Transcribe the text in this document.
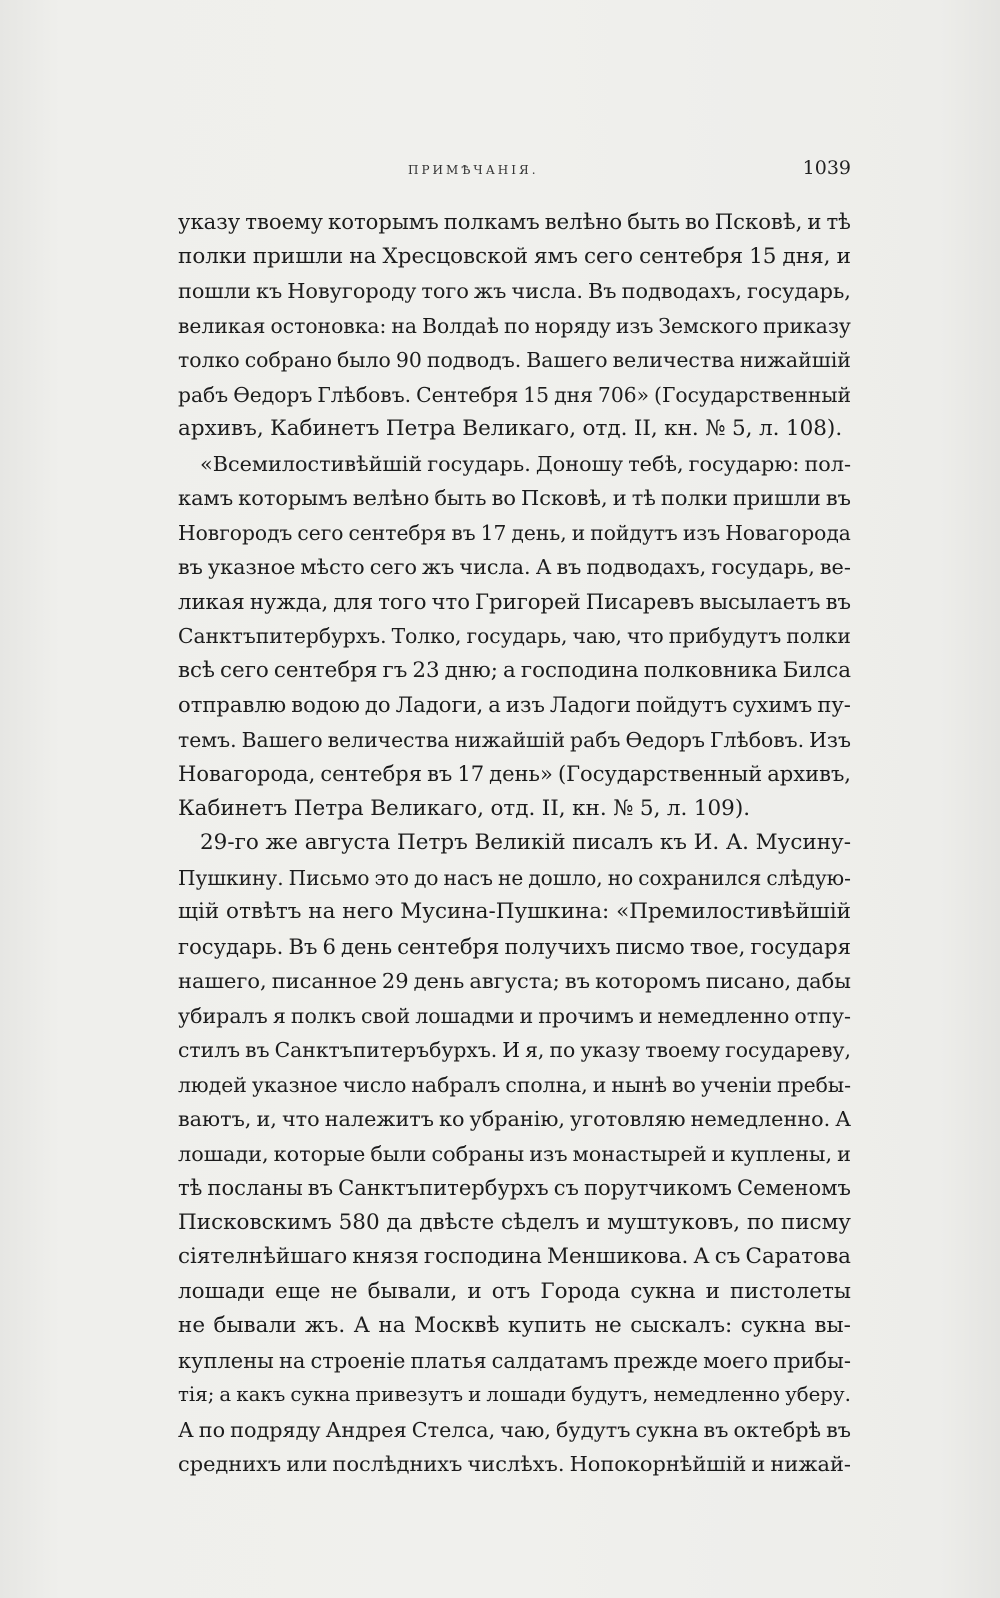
ПРИМѢЧАНІЯ.	1039
указу твоему которымъ полкамъ велѣно быть во Псковѣ, и тѣ
полки пришли на Хресцовской ямъ сего сентебря 15 дня, и
пошли къ Новугороду того жъ числа. Въ подводахъ, государь,
великая остоновка: на Волдаѣ по норяду изъ Земского приказу
толко собрано было 90 подводъ. Вашего величества нижайшій
рабъ Ѳедоръ Глѣбовъ. Сентебря 15 дня 706» (Государственный
архивъ, Кабинетъ Петра Великаго, отд. II, кн. № 5, л. 108).
«Всемилостивѣйшій государь. Доношу тебѣ, государю: пол-
камъ которымъ велѣно быть во Псковѣ, и тѣ полки пришли въ
Новгородъ сего сентебря въ 17 день, и пойдутъ изъ Новагорода
въ указное мѣсто сего жъ числа. А въ подводахъ, государь, ве-
ликая нужда, для того что Григорей Писаревъ высылаетъ въ
Санктъпитербурхъ. Толко, государь, чаю, что прибудутъ полки
всѣ сего сентебря гъ 23 дню; а господина полковника Билса
отправлю водою до Ладоги, а изъ Ладоги пойдутъ сухимъ пу-
темъ. Вашего величества нижайшій рабъ Ѳедоръ Глѣбовъ. Изъ
Новагорода, сентебря въ 17 день» (Государственный архивъ,
Кабинетъ Петра Великаго, отд. II, кн. № 5, л. 109).
29-го же августа Петръ Великій писалъ къ И. А. Мусину-
Пушкину. Письмо это до насъ не дошло, но сохранился слѣдую-
щій отвѣтъ на него Мусина-Пушкина: «Премилостивѣйшій
государь. Въ 6 день сентебря получихъ писмо твое, государя
нашего, писанное 29 день августа; въ которомъ писано, дабы
убиралъ я полкъ свой лошадми и прочимъ и немедленно отпу-
стилъ въ Санктъпитеръбурхъ. И я, по указу твоему государеву,
людей указное число набралъ сполна, и нынѣ во ученіи пребы-
ваютъ, и, что належитъ ко убранію, уготовляю немедленно. А
лошади, которые были собраны изъ монастырей и куплены, и
тѣ посланы въ Санктъпитербурхъ съ порутчикомъ Семеномъ
Писковскимъ 580 да двѣсте сѣделъ и муштуковъ, по писму
сіятелнѣйшаго князя господина Меншикова. А съ Саратова
лошади еще не бывали, и отъ Города сукна и пистолеты
не бывали жъ. А на Москвѣ купить не сыскалъ: сукна вы-
куплены на строеніе платья салдатамъ прежде моего прибы-
тія; а какъ сукна привезутъ и лошади будутъ, немедленно уберу.
А по подряду Андрея Стелса, чаю, будутъ сукна въ октебрѣ въ
среднихъ или послѣднихъ числѣхъ. Нопокорнѣйшій и нижай-
